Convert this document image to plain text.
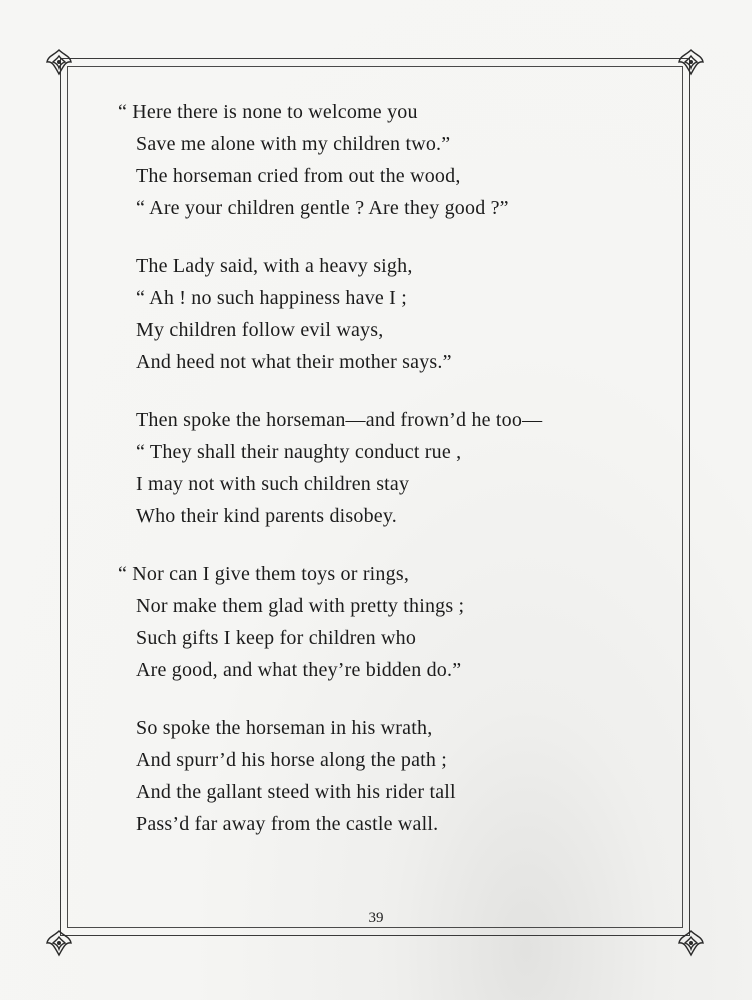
“ Here there is none to welcome you
Save me alone with my children two.”
The horseman cried from out the wood,
“ Are your children gentle ? Are they good ?”
The Lady said, with a heavy sigh,
“ Ah ! no such happiness have I ;
My children follow evil ways,
And heed not what their mother says.”
Then spoke the horseman—and frown’d he too—
“ They shall their naughty conduct rue ,
I may not with such children stay
Who their kind parents disobey.
“ Nor can I give them toys or rings,
Nor make them glad with pretty things ;
Such gifts I keep for children who
Are good, and what they’re bidden do.”
So spoke the horseman in his wrath,
And spurr’d his horse along the path ;
And the gallant steed with his rider tall
Pass’d far away from the castle wall.
39
